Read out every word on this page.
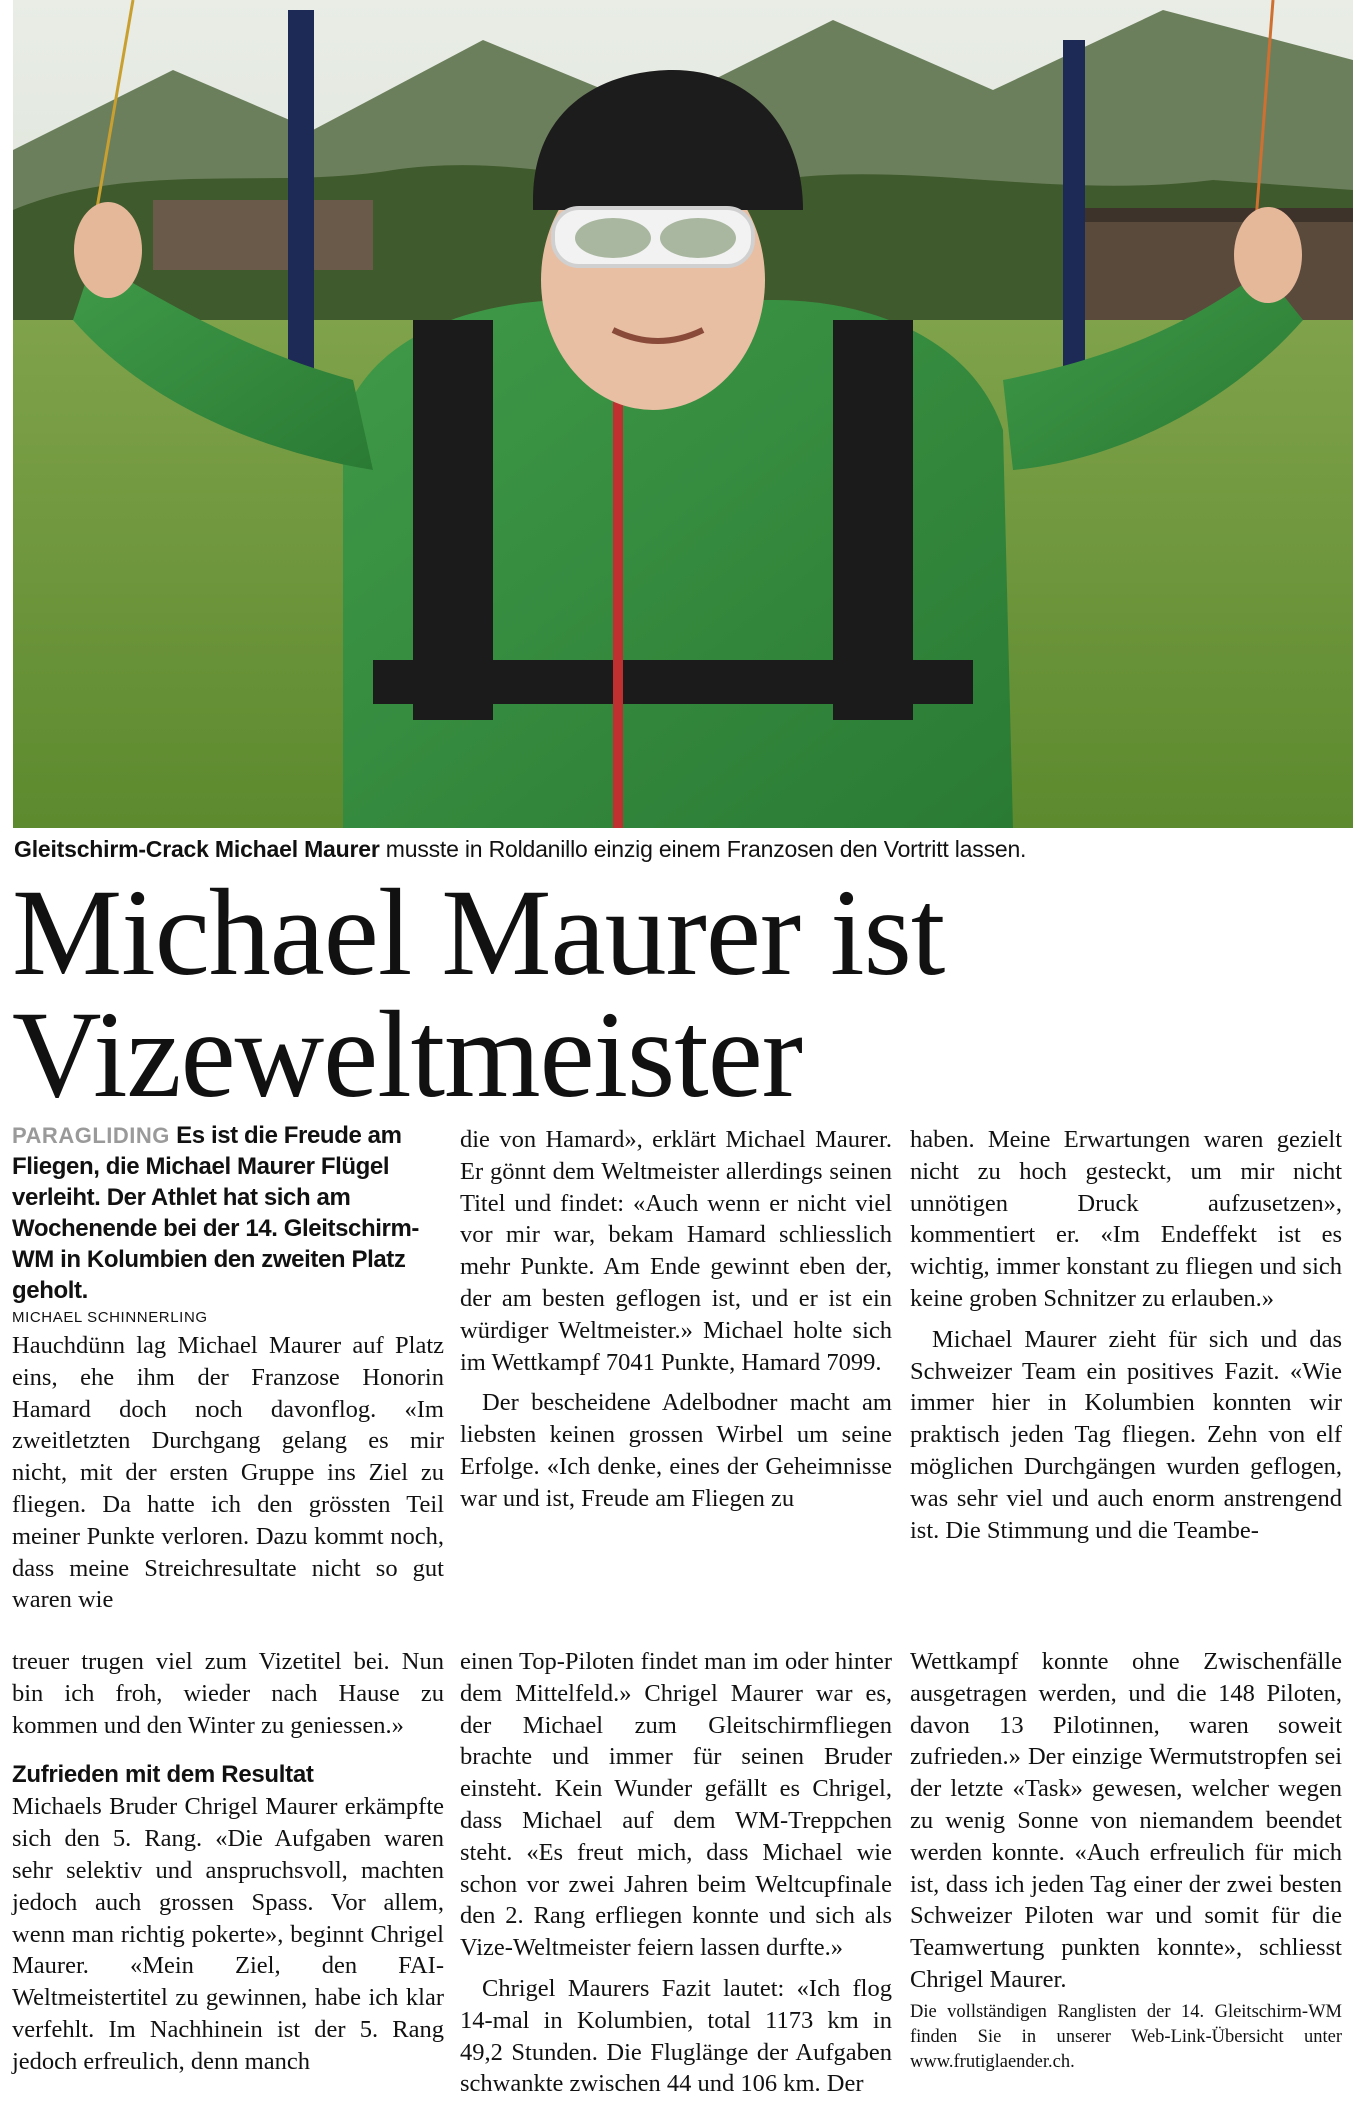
Gleitschirm-Crack Michael Maurer musste in Roldanillo einzig einem Franzosen den Vortritt lassen.
Michael Maurer ist
Vizeweltmeister

PARAGLIDING Es ist die Freude am Fliegen, die Michael Maurer Flügel verleiht. Der Athlet hat sich am Wochenende bei der 14. Gleitschirm-WM in Kolumbien den zweiten Platz geholt.

MICHAEL SCHINNERLING

Hauchdünn lag Michael Maurer auf Platz eins, ehe ihm der Franzose Honorin Hamard doch noch davonflog. «Im zweitletzten Durchgang gelang es mir nicht, mit der ersten Gruppe ins Ziel zu fliegen. Da hatte ich den grössten Teil meiner Punkte verloren. Dazu kommt noch, dass meine Streichresultate nicht so gut waren wie

die von Hamard», erklärt Michael Maurer. Er gönnt dem Weltmeister allerdings seinen Titel und findet: «Auch wenn er nicht viel vor mir war, bekam Hamard schliesslich mehr Punkte. Am Ende gewinnt eben der, der am besten geflogen ist, und er ist ein würdiger Weltmeister.» Michael holte sich im Wettkampf 7041 Punkte, Hamard 7099.

Der bescheidene Adelbodner macht am liebsten keinen grossen Wirbel um seine Erfolge. «Ich denke, eines der Geheimnisse war und ist, Freude am Fliegen zu

haben. Meine Erwartungen waren gezielt nicht zu hoch gesteckt, um mir nicht unnötigen Druck aufzusetzen», kommentiert er. «Im Endeffekt ist es wichtig, immer konstant zu fliegen und sich keine groben Schnitzer zu erlauben.»

Michael Maurer zieht für sich und das Schweizer Team ein positives Fazit. «Wie immer hier in Kolumbien konnten wir praktisch jeden Tag fliegen. Zehn von elf möglichen Durchgängen wurden geflogen, was sehr viel und auch enorm anstrengend ist. Die Stimmung und die Teambe-

treuer trugen viel zum Vizetitel bei. Nun bin ich froh, wieder nach Hause zu kommen und den Winter zu geniessen.»

Zufrieden mit dem Resultat

Michaels Bruder Chrigel Maurer erkämpfte sich den 5. Rang. «Die Aufgaben waren sehr selektiv und anspruchsvoll, machten jedoch auch grossen Spass. Vor allem, wenn man richtig pokerte», beginnt Chrigel Maurer. «Mein Ziel, den FAI-Weltmeistertitel zu gewinnen, habe ich klar verfehlt. Im Nachhinein ist der 5. Rang jedoch erfreulich, denn manch

einen Top-Piloten findet man im oder hinter dem Mittelfeld.» Chrigel Maurer war es, der Michael zum Gleitschirmfliegen brachte und immer für seinen Bruder einsteht. Kein Wunder gefällt es Chrigel, dass Michael auf dem WM-Treppchen steht. «Es freut mich, dass Michael wie schon vor zwei Jahren beim Weltcupfinale den 2. Rang erfliegen konnte und sich als Vize-Weltmeister feiern lassen durfte.»

Chrigel Maurers Fazit lautet: «Ich flog 14-mal in Kolumbien, total 1173 km in 49,2 Stunden. Die Fluglänge der Aufgaben schwankte zwischen 44 und 106 km. Der

Wettkampf konnte ohne Zwischenfälle ausgetragen werden, und die 148 Piloten, davon 13 Pilotinnen, waren soweit zufrieden.» Der einzige Wermutstropfen sei der letzte «Task» gewesen, welcher wegen zu wenig Sonne von niemandem beendet werden konnte. «Auch erfreulich für mich ist, dass ich jeden Tag einer der zwei besten Schweizer Piloten war und somit für die Teamwertung punkten konnte», schliesst Chrigel Maurer.

Die vollständigen Ranglisten der 14. Gleitschirm-WM finden Sie in unserer Web-Link-Übersicht unter www.frutiglaender.ch.
